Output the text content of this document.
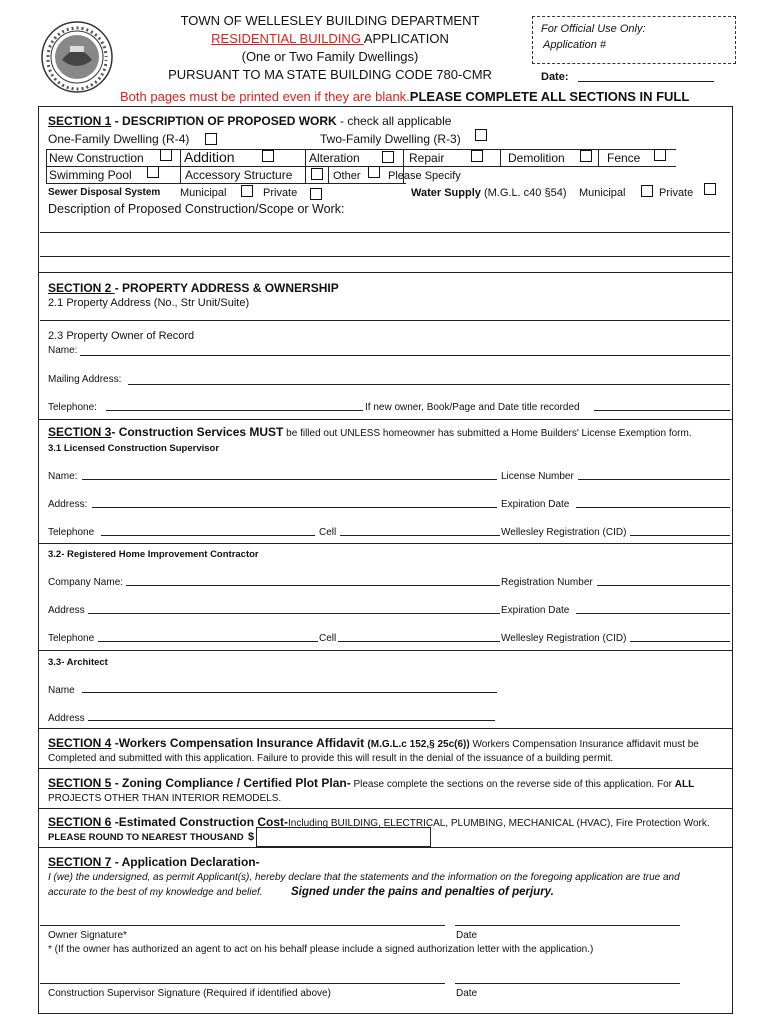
TOWN OF WELLESLEY BUILDING DEPARTMENT
RESIDENTIAL BUILDING APPLICATION
(One or Two Family Dwellings)
PURSUANT TO MA STATE BUILDING CODE 780-CMR
For Official Use Only:
Application #
Date:
Both pages must be printed even if they are blank.PLEASE COMPLETE ALL SECTIONS IN FULL
SECTION 1 - DESCRIPTION OF PROPOSED WORK - check all applicable
One-Family Dwelling (R-4)	Two-Family Dwelling (R-3)
New Construction	Addition	Alteration	Repair	Demolition	Fence
Swimming Pool	Accessory Structure	Other Please Specify
Sewer Disposal System Municipal	Private	Water Supply (M.G.L. c40 §54) Municipal	Private
Description of Proposed Construction/Scope or Work:
SECTION 2 - PROPERTY ADDRESS & OWNERSHIP
2.1 Property Address (No., Str Unit/Suite)
2.3 Property Owner of Record
Name:
Mailing Address:
Telephone:	If new owner, Book/Page and Date title recorded
SECTION 3- Construction Services MUST be filled out UNLESS homeowner has submitted a Home Builders' License Exemption form.
3.1 Licensed Construction Supervisor
Name:	License Number
Address:	Expiration Date
Telephone	Cell	Wellesley Registration (CID)
3.2- Registered Home Improvement Contractor
Company Name:	Registration Number
Address	Expiration Date
Telephone	Cell	Wellesley Registration (CID)
3.3- Architect
Name
Address
SECTION 4 -Workers Compensation Insurance Affidavit (M.G.L.c 152,§ 25c(6)) Workers Compensation Insurance affidavit must be
Completed and submitted with this application. Failure to provide this will result in the denial of the issuance of a building permit.
SECTION 5 - Zoning Compliance / Certified Plot Plan- Please complete the sections on the reverse side of this application. For ALL
PROJECTS OTHER THAN INTERIOR REMODELS.
SECTION 6 -Estimated Construction Cost-Including BUILDING, ELECTRICAL, PLUMBING, MECHANICAL (HVAC), Fire Protection Work.
PLEASE ROUND TO NEAREST THOUSAND $
SECTION 7 - Application Declaration-
I (we) the undersigned, as permit Applicant(s), hereby declare that the statements and the information on the foregoing application are true and
accurate to the best of my knowledge and belief. Signed under the pains and penalties of perjury.
Owner Signature*	Date
* (If the owner has authorized an agent to act on his behalf please include a signed authorization letter with the application.)
Construction Supervisor Signature (Required if identified above)	Date
